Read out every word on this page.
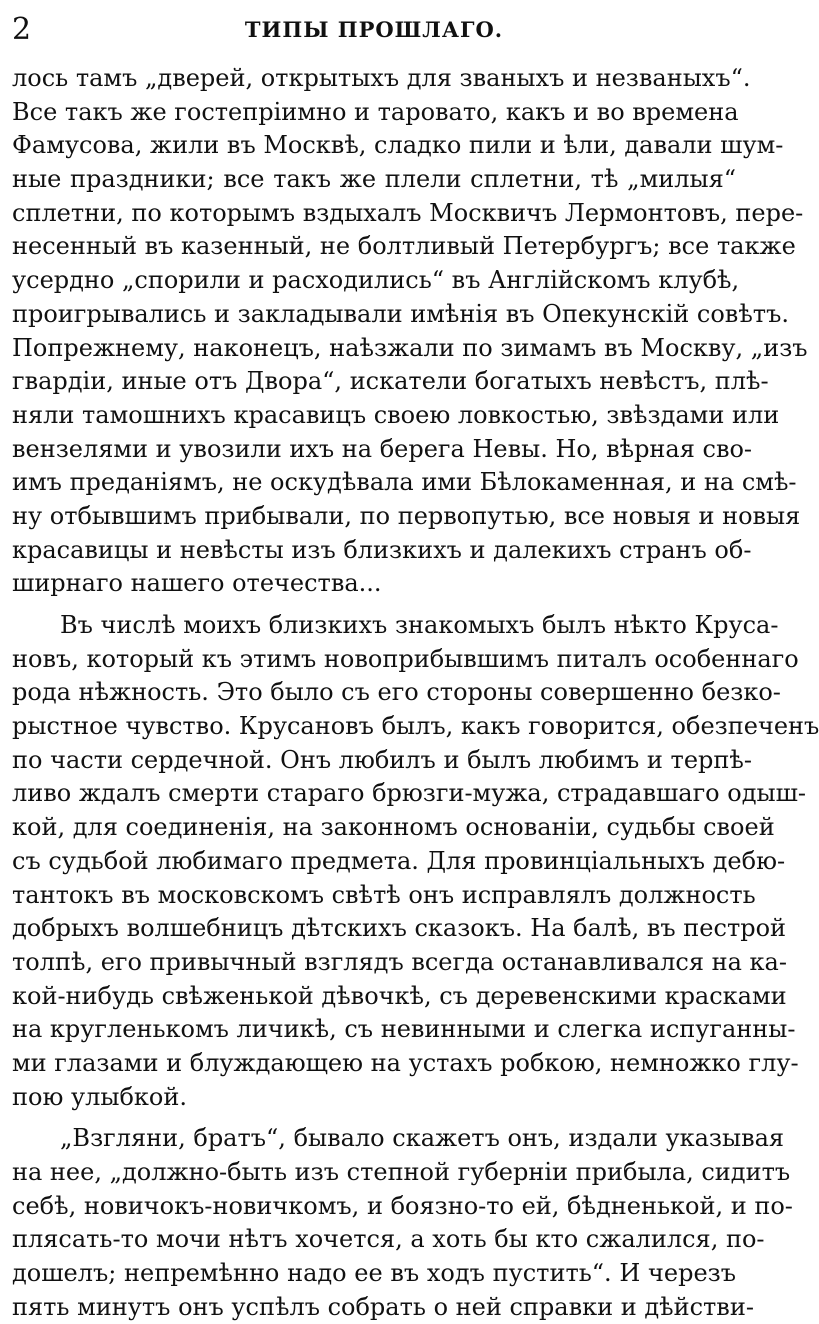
2	ТИПЫ ПРОШЛАГО.
лось тамъ „дверей, открытыхъ для званыхъ и незваныхъ“.
Все такъ же гостепріимно и тароватo, какъ и во времена
Фамусова, жили въ Москвѣ, сладко пили и ѣли, давали шум-
ные праздники; все такъ же плели сплетни, тѣ „милыя“
сплетни, по которымъ вздыхалъ Москвичъ Лермонтовъ, пере-
несенный въ казенный, не болтливый Петербургъ; все также
усердно „спорили и расходились“ въ Англійскомъ клубѣ,
проигрывались и закладывали имѣнія въ Опекунскій совѣтъ.
Попрежнему, наконецъ, наѣзжали по зимамъ въ Москву, „изъ
гвардіи, иные отъ Двора“, искатели богатыхъ невѣстъ, плѣ-
няли тамошнихъ красавицъ своею ловкостью, звѣздами или
вензелями и увозили ихъ на берега Невы. Но, вѣрная сво-
имъ преданіямъ, не оскудѣвала ими Бѣлокаменная, и на смѣ-
ну отбывшимъ прибывали, по первопутью, все новыя и новыя
красавицы и невѣсты изъ близкихъ и далекихъ странъ об-
ширнаго нашего отечества...
Въ числѣ моихъ близкихъ знакомыхъ былъ нѣкто Круса-
новъ, который къ этимъ новоприбывшимъ питалъ особеннаго
рода нѣжность. Это было съ его стороны совершенно безко-
рыстное чувство. Крусановъ былъ, какъ говорится, обезпеченъ
по части сердечной. Онъ любилъ и былъ любимъ и терпѣ-
ливо ждалъ смерти стараго брюзги-мужа, страдавшаго одыш-
кой, для соединенія, на законномъ основаніи, судьбы своей
съ судьбой любимаго предмета. Для провинціальныхъ дебю-
тантокъ въ московскомъ свѣтѣ онъ исправлялъ должность
добрыхъ волшебницъ дѣтскихъ сказокъ. На балѣ, въ пестрой
толпѣ, его привычный взглядъ всегда останавливался на ка-
кой-нибудь свѣженькой дѣвочкѣ, съ деревенскими красками
на кругленькомъ личикѣ, съ невинными и слегка испуганны-
ми глазами и блуждающею на устахъ робкою, немножко глу-
пою улыбкой.
„Взгляни, братъ“, бывало скажетъ онъ, издали указывая
на нее, „должно-быть изъ степной губерніи прибыла, сидитъ
себѣ, новичокъ-новичкомъ, и боязно-то ей, бѣдненькой, и по-
плясать-то мочи нѣтъ хочется, а хоть бы кто сжалился, по-
дошелъ; непремѣнно надо ее въ ходъ пустить“. И черезъ
пять минутъ онъ успѣлъ собрать о ней справки и дѣйстви-
